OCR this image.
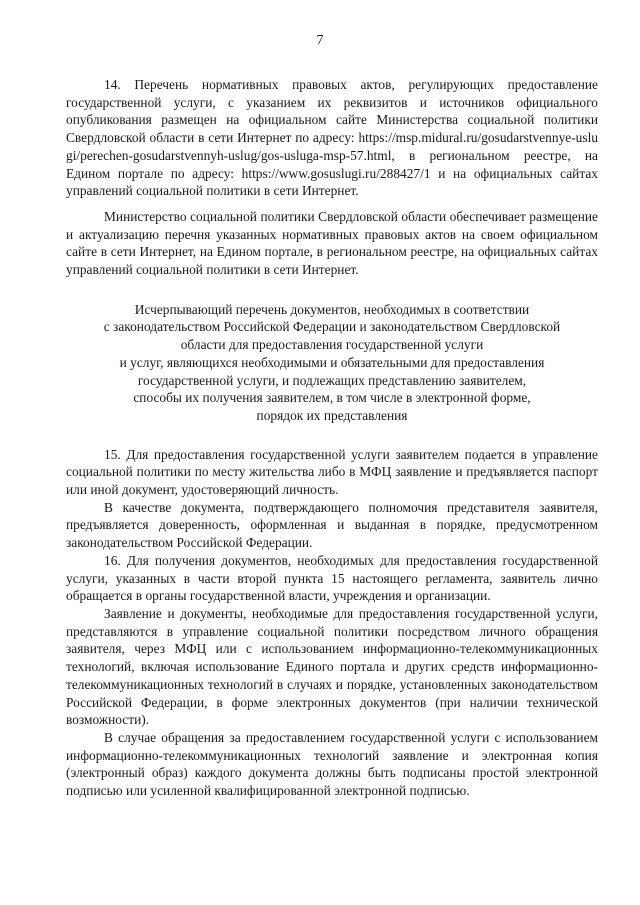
7

14. Перечень нормативных правовых актов, регулирующих предоставление государственной услуги, с указанием их реквизитов и источников официального опубликования размещен на официальном сайте Министерства социальной политики Свердловской области в сети Интернет по адресу: https://msp.midural.ru/gosudarstvennye-uslugi/perechen-gosudarstvennyh-uslug/gos-usluga-msp-57.html, в региональном реестре, на Едином портале по адресу: https://www.gosuslugi.ru/288427/1 и на официальных сайтах управлений социальной политики в сети Интернет.

Министерство социальной политики Свердловской области обеспечивает размещение и актуализацию перечня указанных нормативных правовых актов на своем официальном сайте в сети Интернет, на Едином портале, в региональном реестре, на официальных сайтах управлений социальной политики в сети Интернет.

Исчерпывающий перечень документов, необходимых в соответствии
с законодательством Российской Федерации и законодательством Свердловской
области для предоставления государственной услуги
и услуг, являющихся необходимыми и обязательными для предоставления
государственной услуги, и подлежащих представлению заявителем,
способы их получения заявителем, в том числе в электронной форме,
порядок их представления

15. Для предоставления государственной услуги заявителем подается в управление социальной политики по месту жительства либо в МФЦ заявление и предъявляется паспорт или иной документ, удостоверяющий личность.

В качестве документа, подтверждающего полномочия представителя заявителя, предъявляется доверенность, оформленная и выданная в порядке, предусмотренном законодательством Российской Федерации.

16. Для получения документов, необходимых для предоставления государственной услуги, указанных в части второй пункта 15 настоящего регламента, заявитель лично обращается в органы государственной власти, учреждения и организации.

Заявление и документы, необходимые для предоставления государственной услуги, представляются в управление социальной политики посредством личного обращения заявителя, через МФЦ или с использованием информационно-телекоммуникационных технологий, включая использование Единого портала и других средств информационно-телекоммуникационных технологий в случаях и порядке, установленных законодательством Российской Федерации, в форме электронных документов (при наличии технической возможности).

В случае обращения за предоставлением государственной услуги с использованием информационно-телекоммуникационных технологий заявление и электронная копия (электронный образ) каждого документа должны быть подписаны простой электронной подписью или усиленной квалифицированной электронной подписью.
